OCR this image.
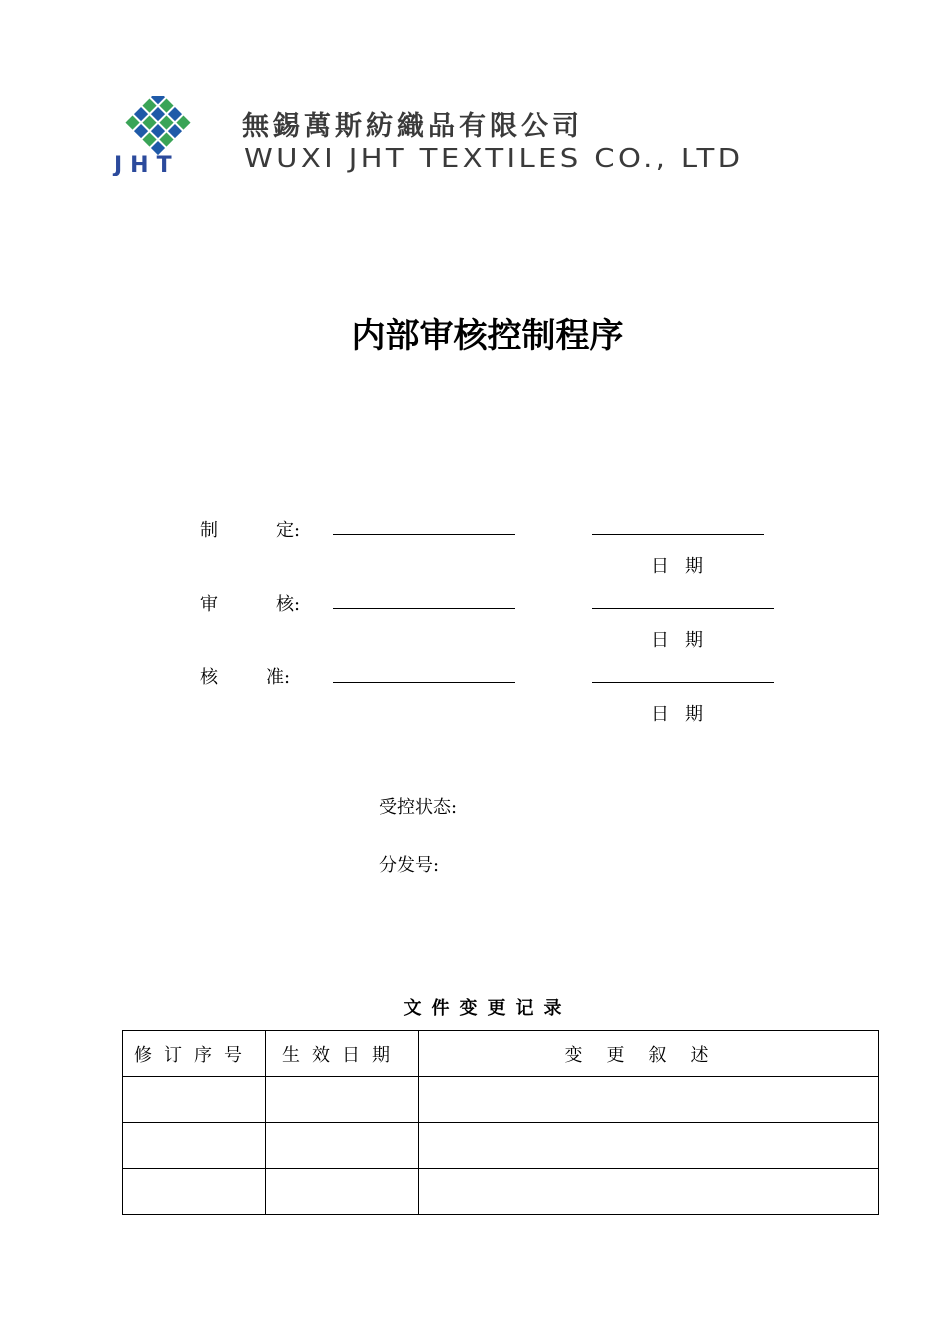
JHT
無錫萬斯紡織品有限公司
WUXI JHT TEXTILES CO., LTD
内部审核控制程序
制	定:
日期
审	核:
日期
核	准:
日期
受控状态:
分发号:
文件变更记录
修订序号	生效日期	变更叙述
